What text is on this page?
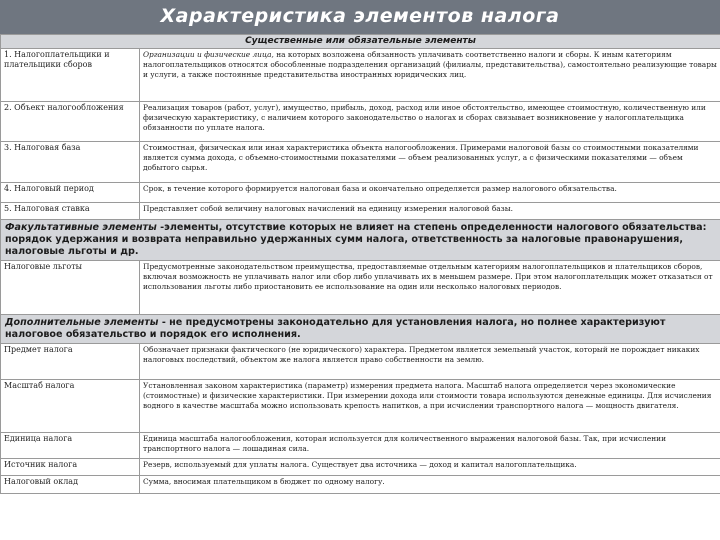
Характеристика элементов налога
Существенные или обязательные элементы	
1. Налогоплательщики и плательщики сборов	Организации и физические лица, на которых возложена обязанность уплачивать соответственно налоги и сборы. К иным категориям налогоплательщиков относятся обособленные подразделения организаций (филиалы, представительства), самостоятельно реализующие товары и услуги, а также постоянные представительства иностранных юридических лиц.
2. Объект налогообложения	Реализация товаров (работ, услуг), имущество, прибыль, доход, расход или иное обстоятельство, имеющее стоимостную, количественную или физическую характеристику, с наличием которого законодательство о налогах и сборах связывает возникновение у налогоплательщика обязанности по уплате налога.
3. Налоговая база	Стоимостная, физическая или иная характеристика объекта налогообложения. Примерами налоговой базы со стоимостными показателями является сумма дохода, с объемно-стоимостными показателями — объем реализованных услуг, а с физическими показателями — объем добытого сырья.
4. Налоговый период	Срок, в течение которого формируется налоговая база и окончательно определяется размер налогового обязательства.
5. Налоговая ставка	Представляет собой величину налоговых начислений на единицу измерения налоговой базы.
Факультативные элементы -элементы, отсутствие которых не влияет на степень определенности налогового обязательства: порядок удержания и возврата неправильно удержанных сумм налога, ответственность за налоговые правонарушения, налоговые льготы и др.	
Налоговые льготы	Предусмотренные законодательством преимущества, предоставляемые отдельным категориям налогоплательщиков и плательщиков сборов, включая возможность не уплачивать налог или сбор либо уплачивать их в меньшем размере. При этом налогоплательщик может отказаться от использования льготы либо приостановить ее использование на один или несколько налоговых периодов.
Дополнительные элементы - не предусмотрены законодательно для установления налога, но полнее характеризуют налоговое обязательство и порядок его исполнения.	
Предмет налога	Обозначает признаки фактического (не юридического) характера. Предметом является земельный участок, который не порождает никаких налоговых последствий, объектом же налога является право собственности на землю.
Масштаб налога	Установленная законом характеристика (параметр) измерения предмета налога. Масштаб налога определяется через экономические (стоимостные) и физические характеристики. При измерении дохода или стоимости товара используются денежные единицы. Для исчисления водного в качестве масштаба можно использовать крепость напитков, а при исчислении транспортного налога — мощность двигателя.
Единица налога	Единица масштаба налогообложения, которая используется для количественного выражения налоговой базы. Так, при исчислении транспортного налога — лошадиная сила.
Источник налога	Резерв, используемый для уплаты налога. Существует два источника — доход и капитал налогоплательщика.
Налоговый оклад	Сумма, вносимая плательщиком в бюджет по одному налогу.
